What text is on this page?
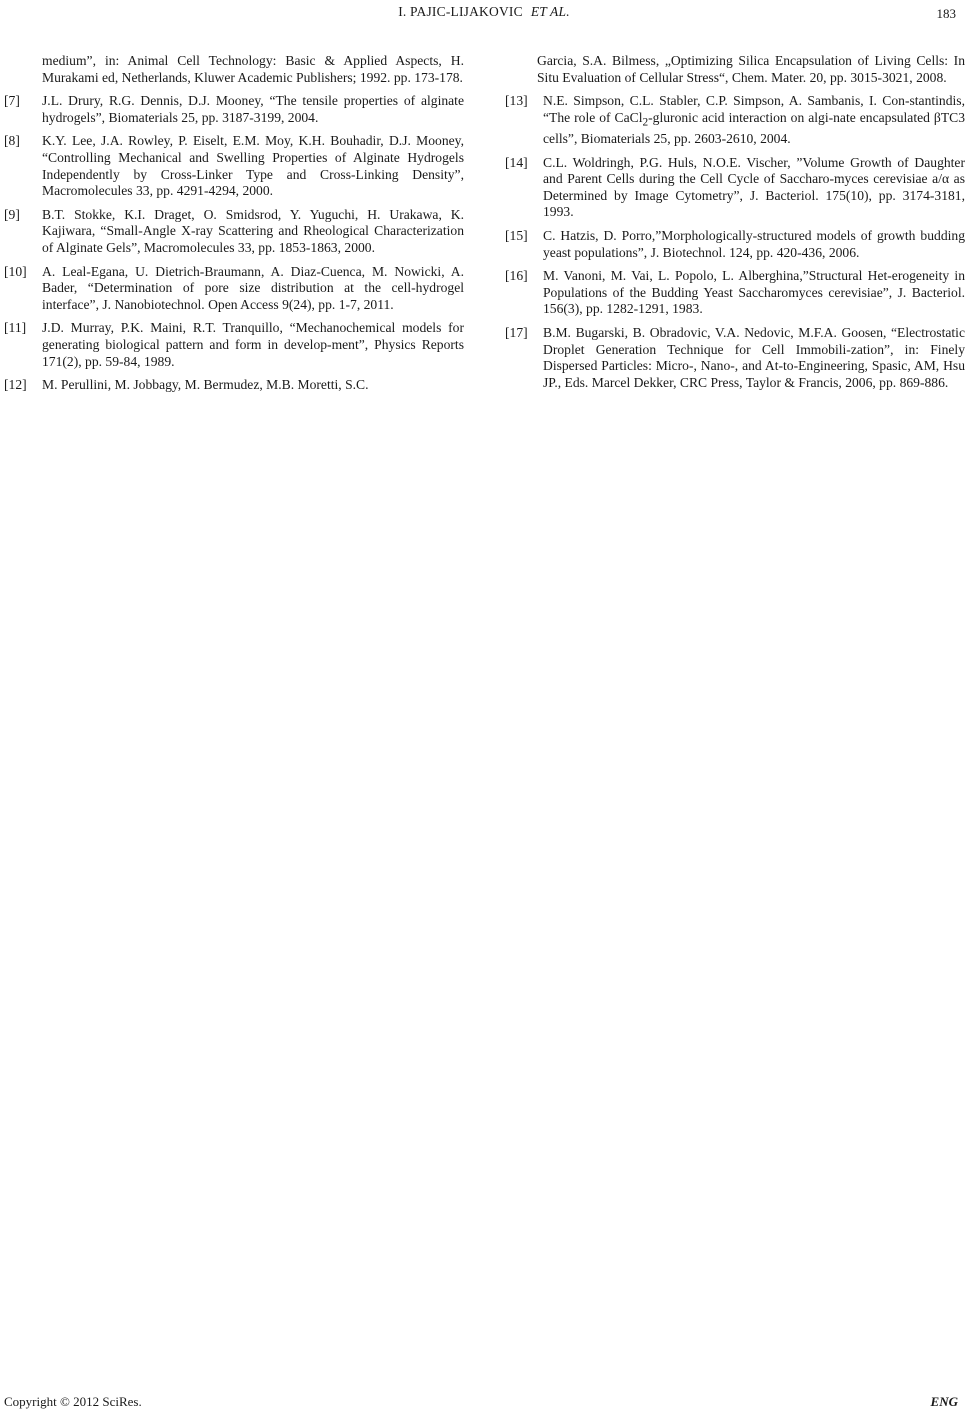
I. PAJIC-LIJAKOVIC ET AL.	183
medium”, in: Animal Cell Technology: Basic & Applied Aspects, H. Murakami ed, Netherlands, Kluwer Academic Publishers; 1992. pp. 173-178.
[7]	J.L. Drury, R.G. Dennis, D.J. Mooney, “The tensile properties of alginate hydrogels”, Biomaterials 25, pp. 3187-3199, 2004.
[8]	K.Y. Lee, J.A. Rowley, P. Eiselt, E.M. Moy, K.H. Bouhadir, D.J. Mooney, “Controlling Mechanical and Swelling Properties of Alginate Hydrogels Independently by Cross-Linker Type and Cross-Linking Density”, Macromolecules 33, pp. 4291-4294, 2000.
[9]	B.T. Stokke, K.I. Draget, O. Smidsrod, Y. Yuguchi, H. Urakawa, K. Kajiwara, “Small-Angle X-ray Scattering and Rheological Characterization of Alginate Gels”, Macromolecules 33, pp. 1853-1863, 2000.
[10]	A. Leal-Egana, U. Dietrich-Braumann, A. Diaz-Cuenca, M. Nowicki, A. Bader, “Determination of pore size distribution at the cell-hydrogel interface”, J. Nanobiotechnol. Open Access 9(24), pp. 1-7, 2011.
[11]	J.D. Murray, P.K. Maini, R.T. Tranquillo, “Mechanochemical models for generating biological pattern and form in develop-ment”, Physics Reports 171(2), pp. 59-84, 1989.
[12]	M. Perullini, M. Jobbagy, M. Bermudez, M.B. Moretti, S.C.
Garcia, S.A. Bilmess, „Optimizing Silica Encapsulation of Living Cells: In Situ Evaluation of Cellular Stress“, Chem. Mater. 20, pp. 3015-3021, 2008.
[13]	N.E. Simpson, C.L. Stabler, C.P. Simpson, A. Sambanis, I. Con-stantindis, “The role of CaCl$_2$-gluronic acid interaction on algi-nate encapsulated βTC3 cells”, Biomaterials 25, pp. 2603-2610, 2004.
[14]	C.L. Woldringh, P.G. Huls, N.O.E. Vischer, ”Volume Growth of Daughter and Parent Cells during the Cell Cycle of Saccharo-myces cerevisiae a/α as Determined by Image Cytometry”, J. Bacteriol. 175(10), pp. 3174-3181, 1993.
[15]	C. Hatzis, D. Porro,”Morphologically-structured models of growth budding yeast populations”, J. Biotechnol. 124, pp. 420-436, 2006.
[16]	M. Vanoni, M. Vai, L. Popolo, L. Alberghina,”Structural Het-erogeneity in Populations of the Budding Yeast Saccharomyces cerevisiae”, J. Bacteriol. 156(3), pp. 1282-1291, 1983.
[17]	B.M. Bugarski, B. Obradovic, V.A. Nedovic, M.F.A. Goosen, “Electrostatic Droplet Generation Technique for Cell Immobili-zation”, in: Finely Dispersed Particles: Micro-, Nano-, and At-to-Engineering, Spasic, AM, Hsu JP., Eds. Marcel Dekker, CRC Press, Taylor & Francis, 2006, pp. 869-886.
Copyright © 2012 SciRes.	ENG
